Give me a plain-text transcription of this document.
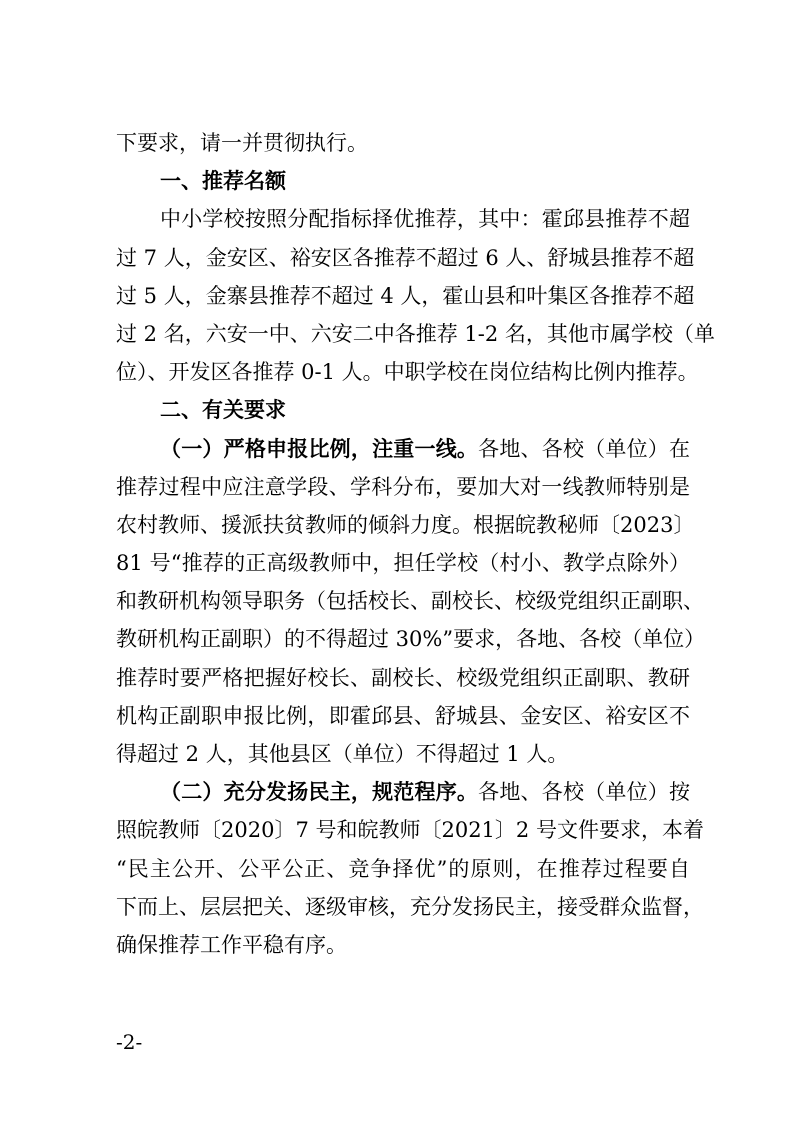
下要求，请一并贯彻执行。
一、推荐名额
中小学校按照分配指标择优推荐，其中：霍邱县推荐不超
过 7 人，金安区、裕安区各推荐不超过 6 人、舒城县推荐不超
过 5 人，金寨县推荐不超过 4 人，霍山县和叶集区各推荐不超
过 2 名，六安一中、六安二中各推荐 1-2 名，其他市属学校（单
位）、开发区各推荐 0-1 人。中职学校在岗位结构比例内推荐。
二、有关要求
（一）严格申报比例，注重一线。各地、各校（单位）在
推荐过程中应注意学段、学科分布，要加大对一线教师特别是
农村教师、援派扶贫教师的倾斜力度。根据皖教秘师〔2023〕
81 号“推荐的正高级教师中，担任学校（村小、教学点除外）
和教研机构领导职务（包括校长、副校长、校级党组织正副职、
教研机构正副职）的不得超过 30%”要求，各地、各校（单位）
推荐时要严格把握好校长、副校长、校级党组织正副职、教研
机构正副职申报比例，即霍邱县、舒城县、金安区、裕安区不
得超过 2 人，其他县区（单位）不得超过 1 人。
（二）充分发扬民主，规范程序。各地、各校（单位）按
照皖教师〔2020〕7 号和皖教师〔2021〕2 号文件要求，本着
“民主公开、公平公正、竞争择优”的原则，在推荐过程要自
下而上、层层把关、逐级审核，充分发扬民主，接受群众监督，
确保推荐工作平稳有序。
-2-
